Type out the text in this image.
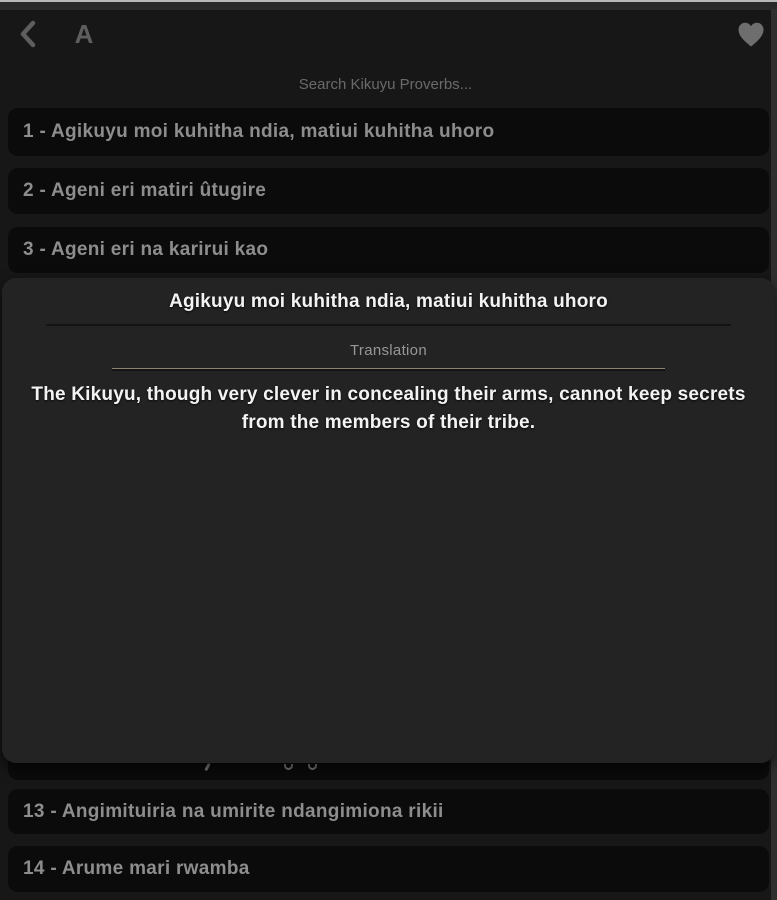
A
Search Kikuyu Proverbs...
1 - Agikuyu moi kuhitha ndia, matiui kuhitha uhoro
2 - Ageni eri matiri ûtugire
3 - Ageni eri na karirui kao
13 - Angimituiria na umirite ndangimiona rikii
14 - Arume mari rwamba
Agikuyu moi kuhitha ndia, matiui kuhitha uhoro
Translation
The Kikuyu, though very clever in concealing their arms, cannot keep secrets from the members of their tribe.
